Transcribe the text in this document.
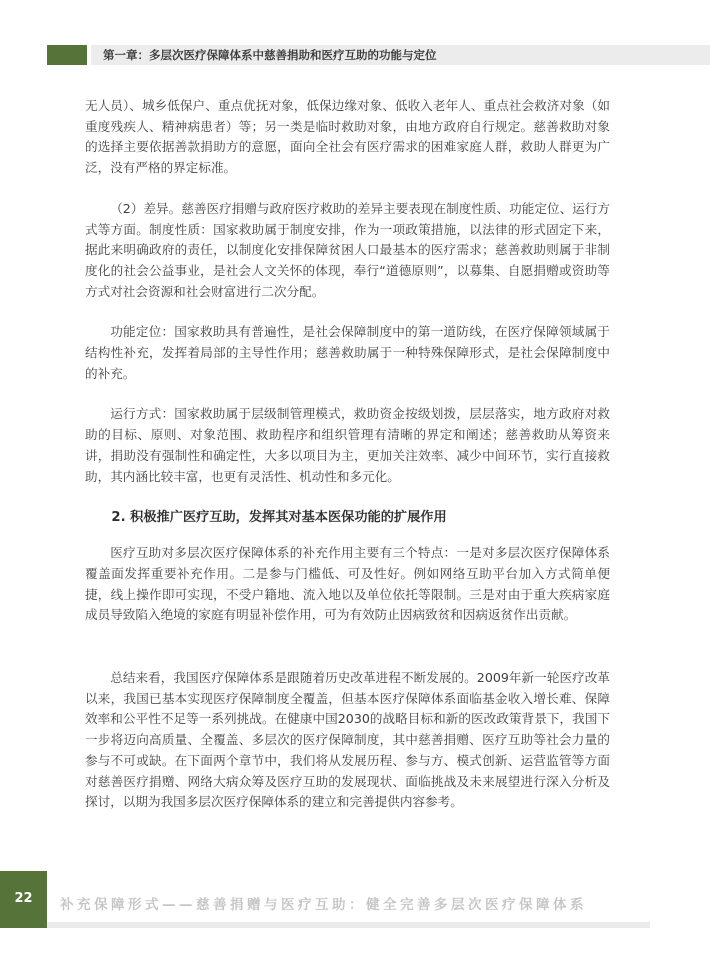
第一章：多层次医疗保障体系中慈善捐助和医疗互助的功能与定位

无人员）、城乡低保户、重点优抚对象，低保边缘对象、低收入老年人、重点社会救济对象（如重度残疾人、精神病患者）等；另一类是临时救助对象，由地方政府自行规定。慈善救助对象的选择主要依据善款捐助方的意愿，面向全社会有医疗需求的困难家庭人群，救助人群更为广泛，没有严格的界定标准。

（2）差异。慈善医疗捐赠与政府医疗救助的差异主要表现在制度性质、功能定位、运行方式等方面。制度性质：国家救助属于制度安排，作为一项政策措施，以法律的形式固定下来，据此来明确政府的责任，以制度化安排保障贫困人口最基本的医疗需求；慈善救助则属于非制度化的社会公益事业，是社会人文关怀的体现，奉行“道德原则”，以募集、自愿捐赠或资助等方式对社会资源和社会财富进行二次分配。

功能定位：国家救助具有普遍性，是社会保障制度中的第一道防线，在医疗保障领域属于结构性补充，发挥着局部的主导性作用；慈善救助属于一种特殊保障形式，是社会保障制度中的补充。

运行方式：国家救助属于层级制管理模式，救助资金按级划拨，层层落实，地方政府对救助的目标、原则、对象范围、救助程序和组织管理有清晰的界定和阐述；慈善救助从筹资来讲，捐助没有强制性和确定性，大多以项目为主，更加关注效率、减少中间环节，实行直接救助，其内涵比较丰富，也更有灵活性、机动性和多元化。

2. 积极推广医疗互助，发挥其对基本医保功能的扩展作用

医疗互助对多层次医疗保障体系的补充作用主要有三个特点：一是对多层次医疗保障体系覆盖面发挥重要补充作用。二是参与门槛低、可及性好。例如网络互助平台加入方式简单便捷，线上操作即可实现，不受户籍地、流入地以及单位依托等限制。三是对由于重大疾病家庭成员导致陷入绝境的家庭有明显补偿作用，可为有效防止因病致贫和因病返贫作出贡献。

总结来看，我国医疗保障体系是跟随着历史改革进程不断发展的。2009年新一轮医疗改革以来，我国已基本实现医疗保障制度全覆盖，但基本医疗保障体系面临基金收入增长难、保障效率和公平性不足等一系列挑战。在健康中国2030的战略目标和新的医改政策背景下，我国下一步将迈向高质量、全覆盖、多层次的医疗保障制度，其中慈善捐赠、医疗互助等社会力量的参与不可或缺。在下面两个章节中，我们将从发展历程、参与方、模式创新、运营监管等方面对慈善医疗捐赠、网络大病众筹及医疗互助的发展现状、面临挑战及未来展望进行深入分析及探讨，以期为我国多层次医疗保障体系的建立和完善提供内容参考。

22	补充保障形式——慈善捐赠与医疗互助：健全完善多层次医疗保障体系
